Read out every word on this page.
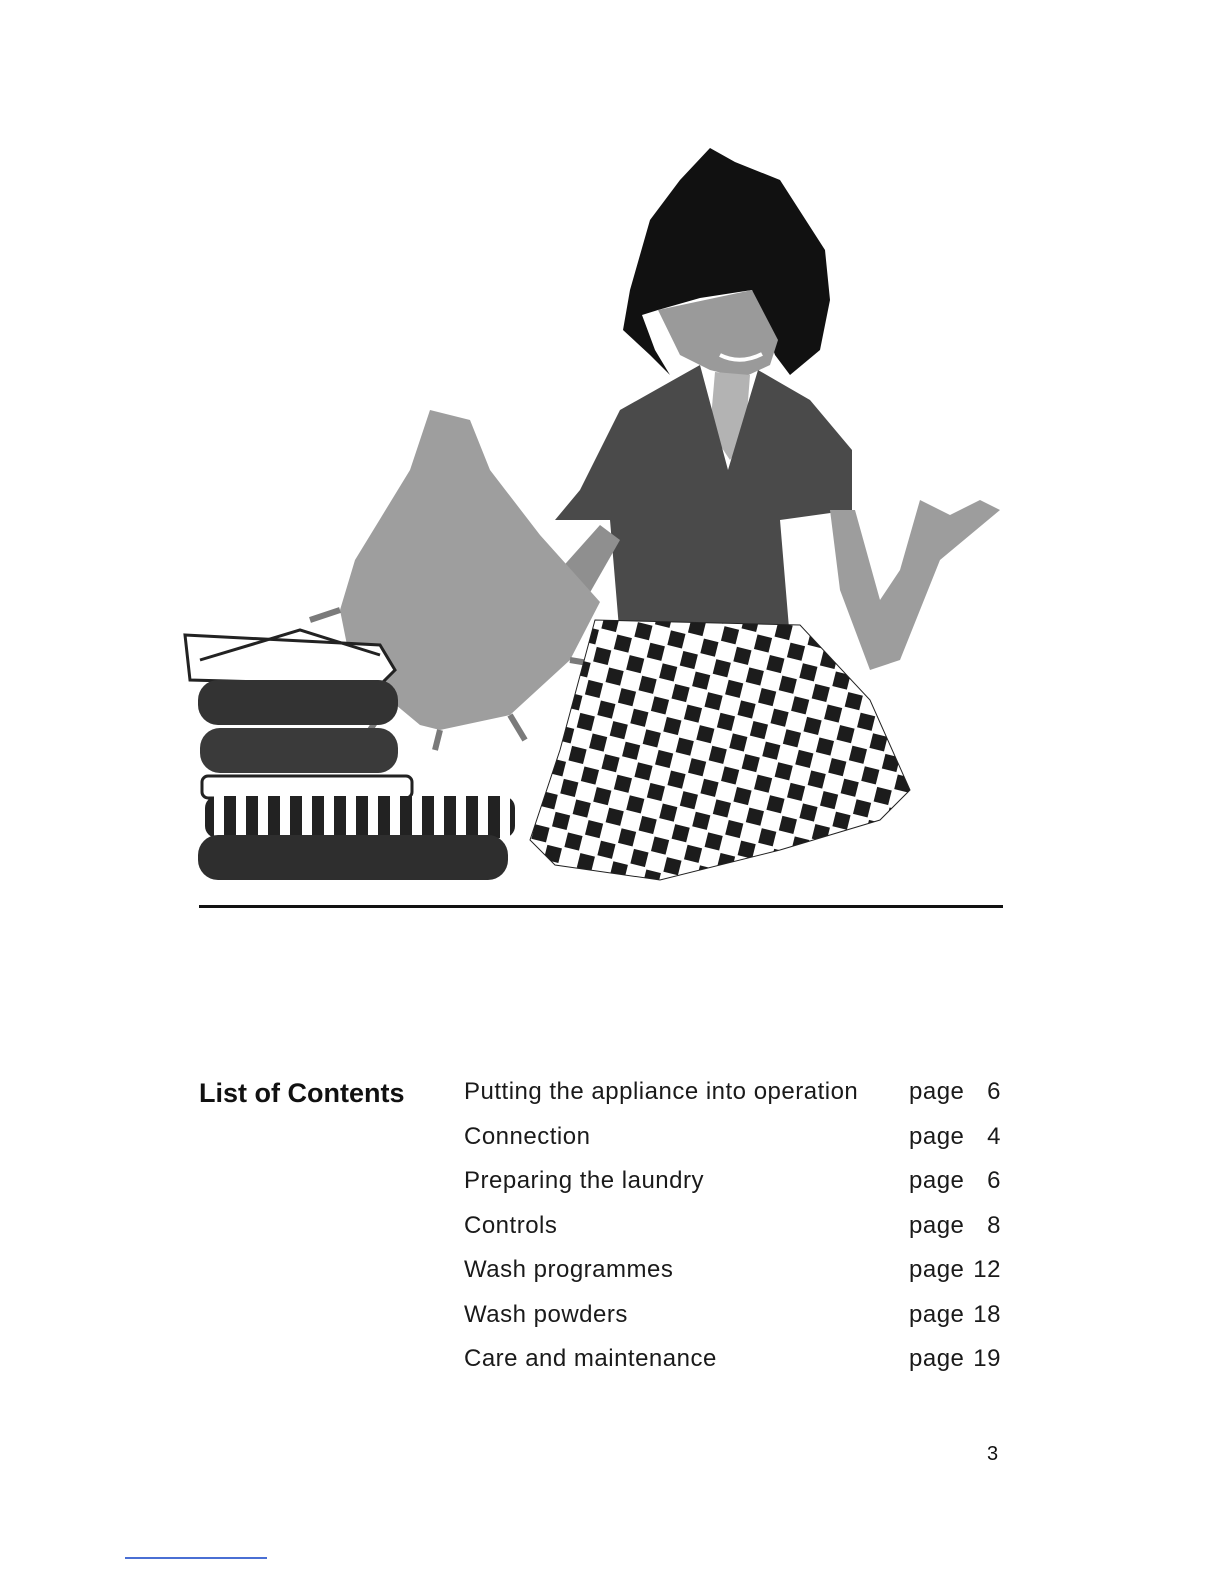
List of Contents Putting the appliance into operation page 6
Connection	page 4
Preparing the laundry	page 6
Controls	page 8
Wash programmes	page 12
Wash powders	page 18
Care and maintenance	page 19
3
